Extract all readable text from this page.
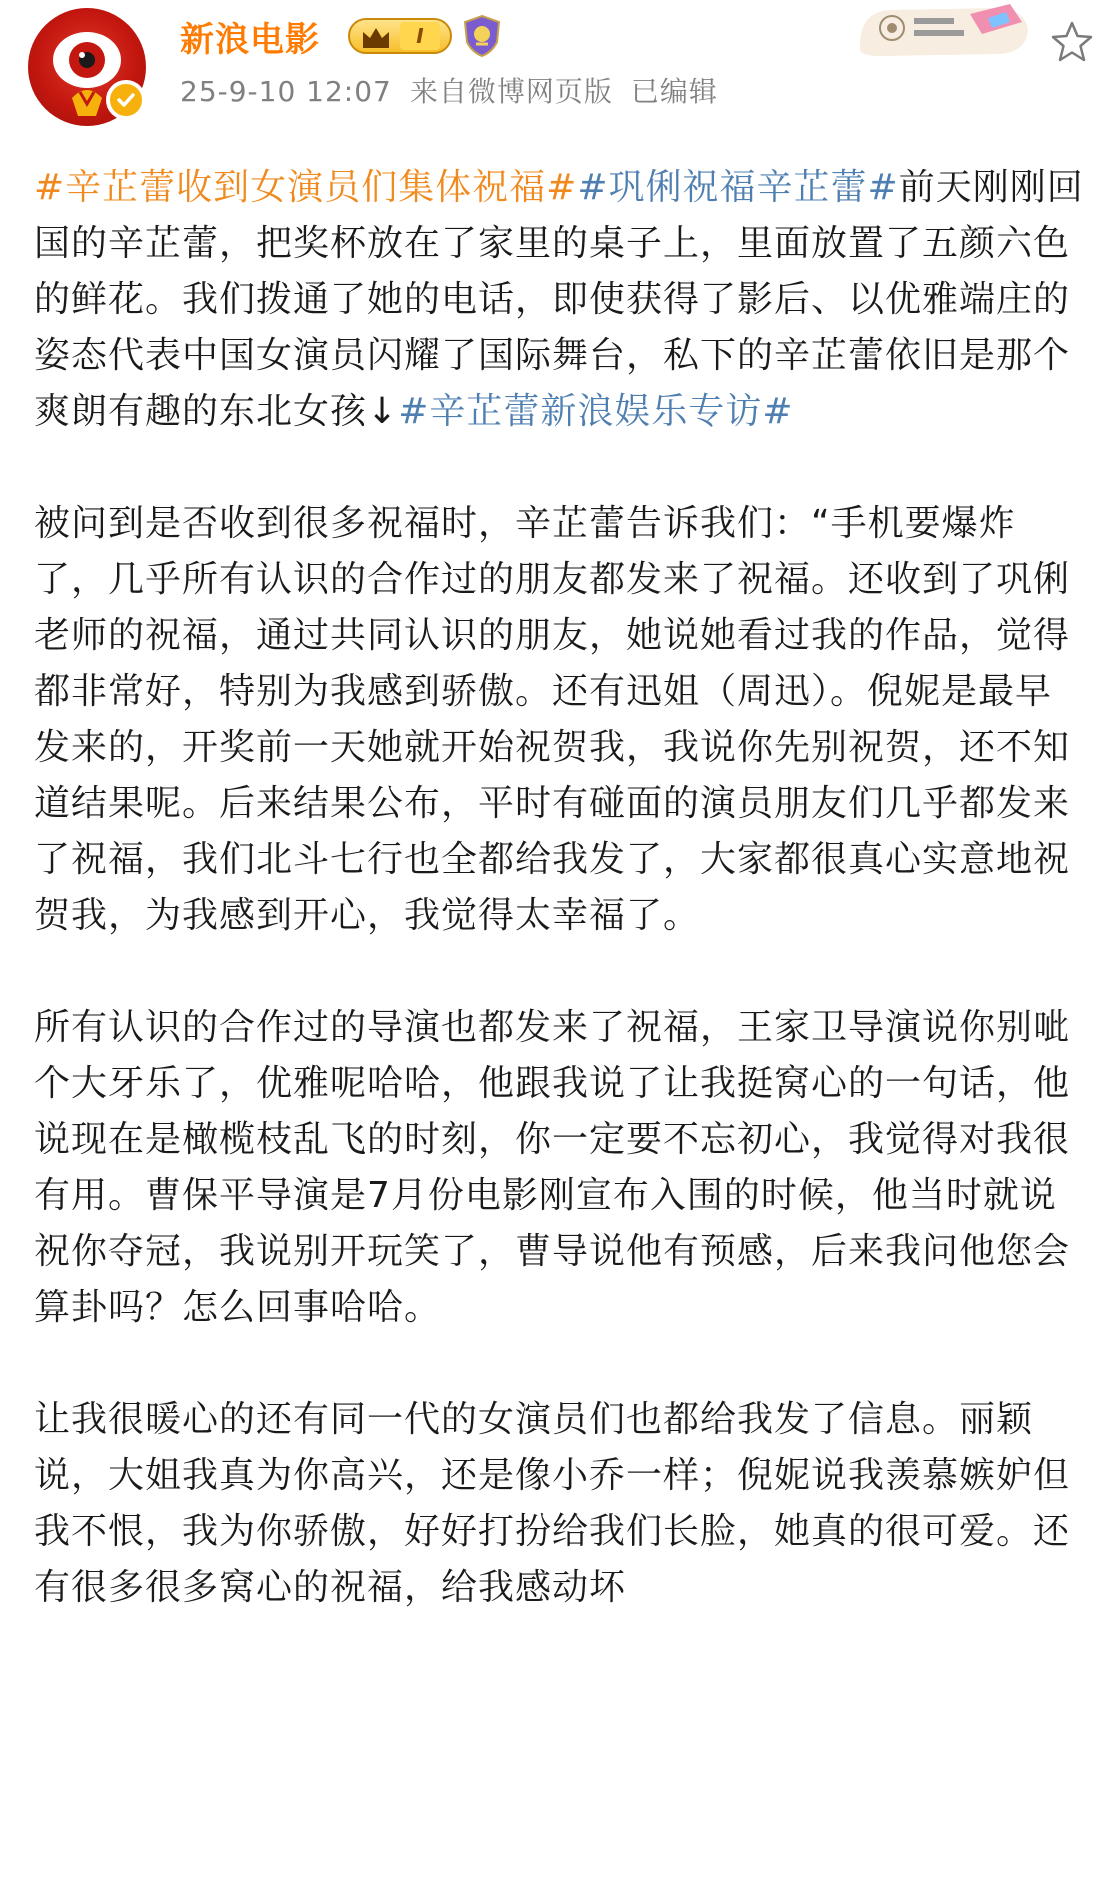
新浪电影	I
25-9-10 12:07 来自微博网页版 已编辑

#辛芷蕾收到女演员们集体祝福##巩俐祝福辛芷蕾#前天刚刚回国的辛芷蕾，把奖杯放在了家里的桌子上，里面放置了五颜六色的鲜花。我们拨通了她的电话，即使获得了影后、以优雅端庄的姿态代表中国女演员闪耀了国际舞台，私下的辛芷蕾依旧是那个爽朗有趣的东北女孩↓#辛芷蕾新浪娱乐专访#

被问到是否收到很多祝福时，辛芷蕾告诉我们：“手机要爆炸了，几乎所有认识的合作过的朋友都发来了祝福。还收到了巩俐老师的祝福，通过共同认识的朋友，她说她看过我的作品，觉得都非常好，特别为我感到骄傲。还有迅姐（周迅）。倪妮是最早发来的，开奖前一天她就开始祝贺我，我说你先别祝贺，还不知道结果呢。后来结果公布，平时有碰面的演员朋友们几乎都发来了祝福，我们北斗七行也全都给我发了，大家都很真心实意地祝贺我，为我感到开心，我觉得太幸福了。

所有认识的合作过的导演也都发来了祝福，王家卫导演说你别呲个大牙乐了，优雅呢哈哈，他跟我说了让我挺窝心的一句话，他说现在是橄榄枝乱飞的时刻，你一定要不忘初心，我觉得对我很有用。曹保平导演是7月份电影刚宣布入围的时候，他当时就说祝你夺冠，我说别开玩笑了，曹导说他有预感，后来我问他您会算卦吗？怎么回事哈哈。

让我很暖心的还有同一代的女演员们也都给我发了信息。丽颖说，大姐我真为你高兴，还是像小乔一样；倪妮说我羡慕嫉妒但我不恨，我为你骄傲，好好打扮给我们长脸，她真的很可爱。还有很多很多窝心的祝福，给我感动坏
